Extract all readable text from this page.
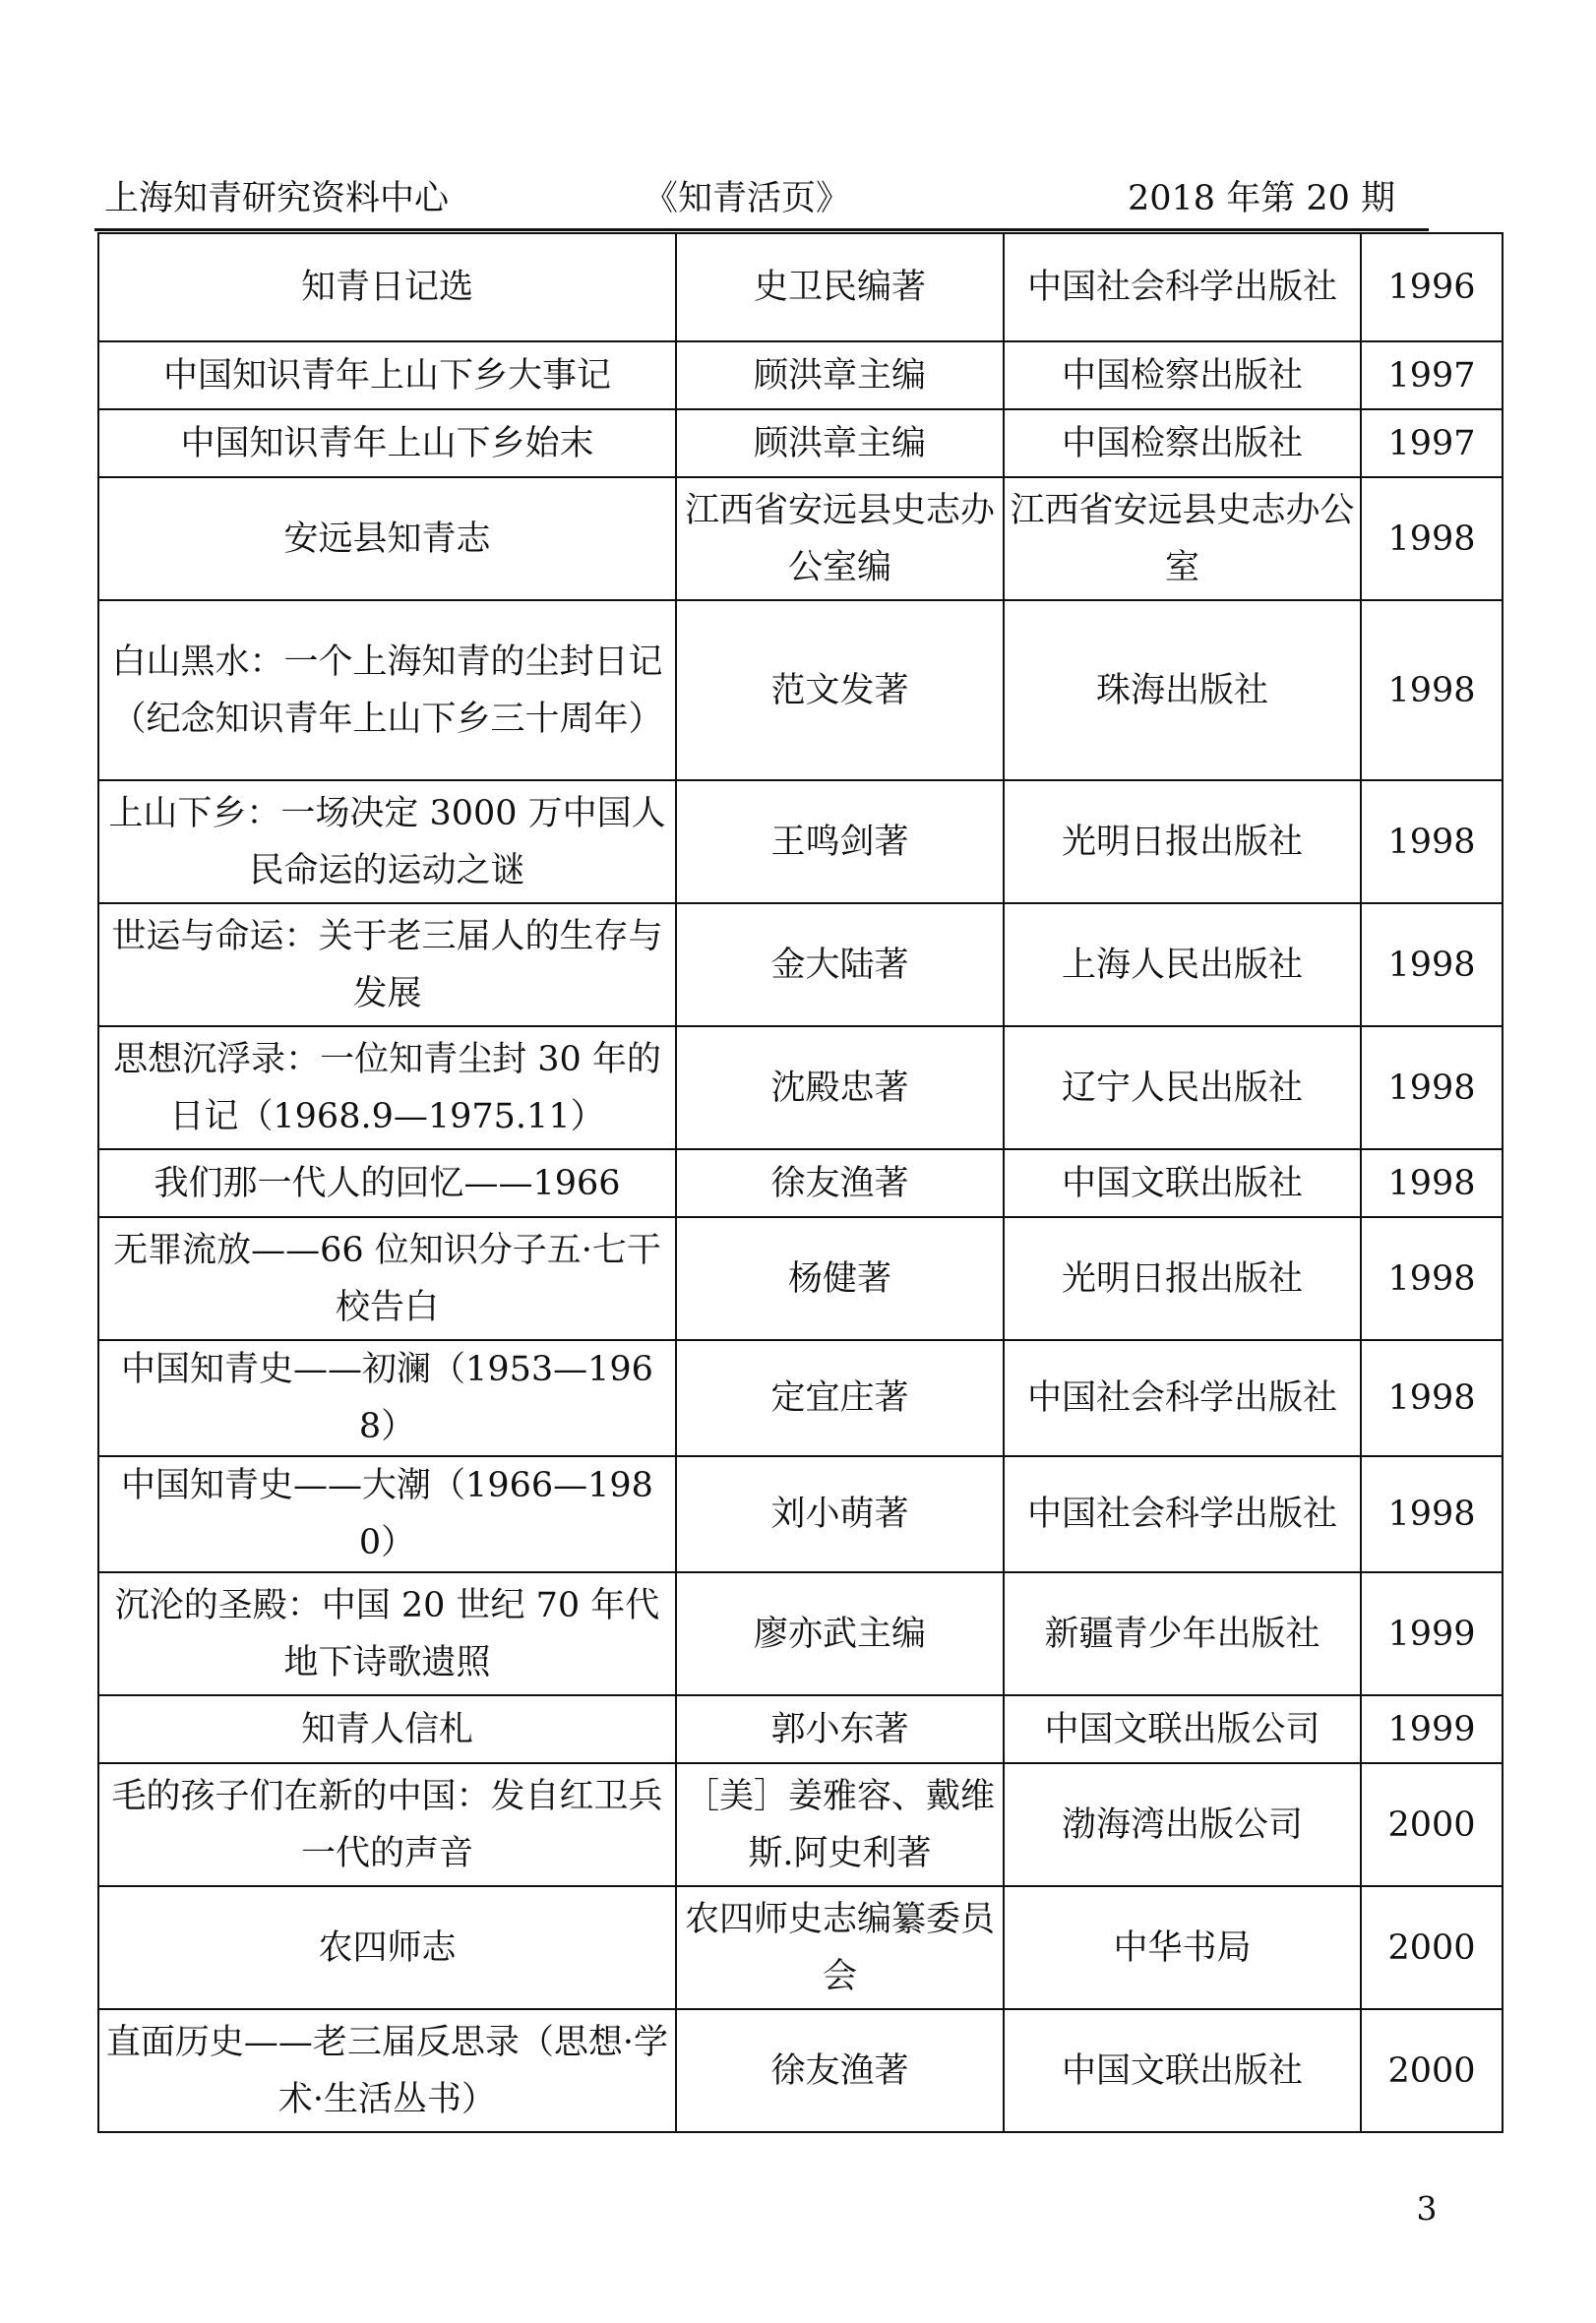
上海知青研究资料中心	《知青活页》	2018 年第 20 期
知青日记选	史卫民编著	中国社会科学出版社	1996
中国知识青年上山下乡大事记	顾洪章主编	中国检察出版社	1997
中国知识青年上山下乡始末	顾洪章主编	中国检察出版社	1997
安远县知青志	江西省安远县史志办公室编	江西省安远县史志办公室	1998
白山黑水：一个上海知青的尘封日记（纪念知识青年上山下乡三十周年）	范文发著	珠海出版社	1998
上山下乡：一场决定 3000 万中国人民命运的运动之谜	王鸣剑著	光明日报出版社	1998
世运与命运：关于老三届人的生存与发展	金大陆著	上海人民出版社	1998
思想沉浮录：一位知青尘封 30 年的日记（1968.9—1975.11）	沈殿忠著	辽宁人民出版社	1998
我们那一代人的回忆——1966	徐友渔著	中国文联出版社	1998
无罪流放——66 位知识分子五·七干校告白	杨健著	光明日报出版社	1998
中国知青史——初澜（1953—1968）	定宜庄著	中国社会科学出版社	1998
中国知青史——大潮（1966—1980）	刘小萌著	中国社会科学出版社	1998
沉沦的圣殿：中国 20 世纪 70 年代地下诗歌遗照	廖亦武主编	新疆青少年出版社	1999
知青人信札	郭小东著	中国文联出版公司	1999
毛的孩子们在新的中国：发自红卫兵一代的声音	［美］姜雅容、戴维斯.阿史利著	渤海湾出版公司	2000
农四师志	农四师史志编纂委员会	中华书局	2000
直面历史——老三届反思录（思想·学术·生活丛书）	徐友渔著	中国文联出版社	2000
3
